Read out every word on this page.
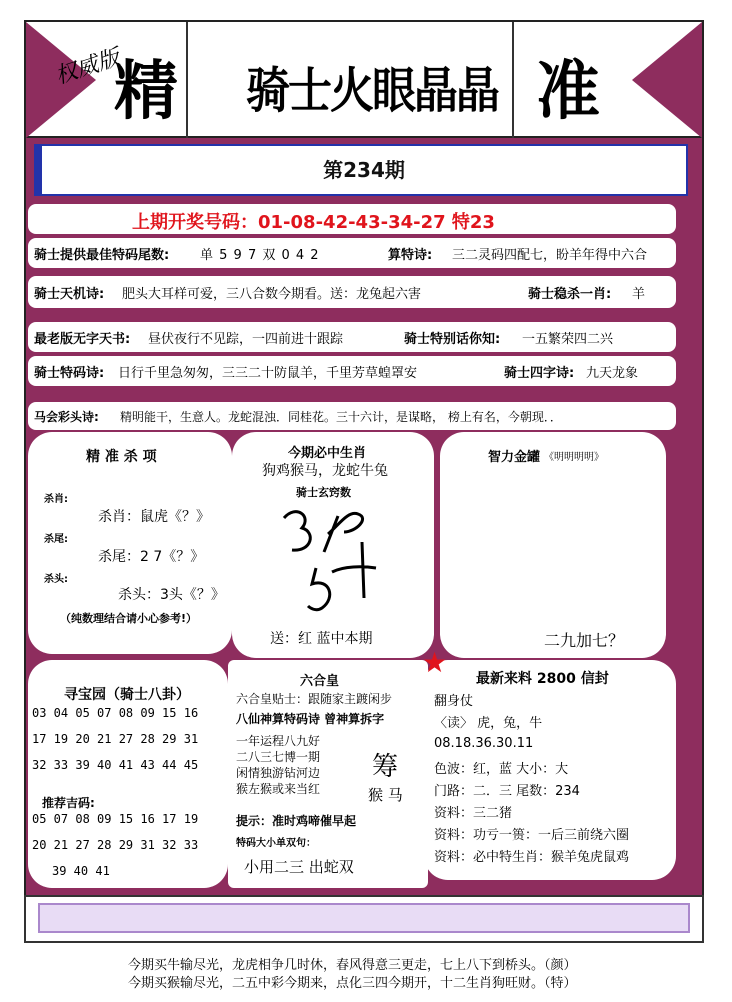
权威版
精	骑士火眼晶晶 准
第234期
上期开奖号码：01-08-42-43-34-27 特23
骑士提供最佳特码尾数: 单 5 9 7 双 0 4 2	算特诗: 三二灵码四配七，盼羊年得中六合
骑士天机诗: 肥头大耳样可爱，三八合数今期看。送：龙兔起六害	骑士稳杀一肖: 羊
最老版无字天书: 昼伏夜行不见踪，一四前进十跟踪	骑士特别话你知: 一五繁荣四二兴
骑士特码诗: 日行千里急匆匆，三三二十防鼠羊，千里芳草蝗罩安	骑士四字诗: 九天龙象
马会彩头诗: 精明能干，生意人。龙蛇混浊．同桂花。三十六计，是谋略， 榜上有名，今朝现．．
精 准 杀 项
杀肖:
杀肖：鼠虎《？》
杀尾:
杀尾：2 7《？》
杀头:
杀头：3头《？》
（纯数理结合请小心参考!）
今期必中生肖
狗鸡猴马，龙蛇牛兔
骑士玄窍数
送：红 蓝中本期
智力金罐 《明明明明》
二九加七？
寻宝园（骑士八卦）
03 04 05 07 08 09 15 16
17 19 20 21 27 28 29 31
32 33 39 40 41 43 44 45
推荐吉码:
05 07 08 09 15 16 17 19
20 21 27 28 29 31 32 33
39 40 41
六合皇
六合皇贴士：跟随家主踱闲步
八仙神算特码诗 曾神算拆字
一年运程八九好
二八三七博一期
闲情独游钻河边
猴左猴或来当红
筹
猴 马
提示：准时鸡啼催早起
特码大小单双句：
小用二三 出蛇双
最新来料 2800 信封
翻身仗
〈读〉 虎，兔，牛
08.18.36.30.11
色波：红，蓝 大小：大
门路：二．三 尾数：234
资料：三二猪
资料：功亏一篑：一后三前绕六圈
资料：必中特生肖：猴羊兔虎鼠鸡
★
今期买牛输尽光，龙虎相争几时休，春风得意三更走，七上八下到桥头。（颜）
今期买猴输尽光，二五中彩今期来，点化三四今期开，十二生肖狗旺财。（特）
